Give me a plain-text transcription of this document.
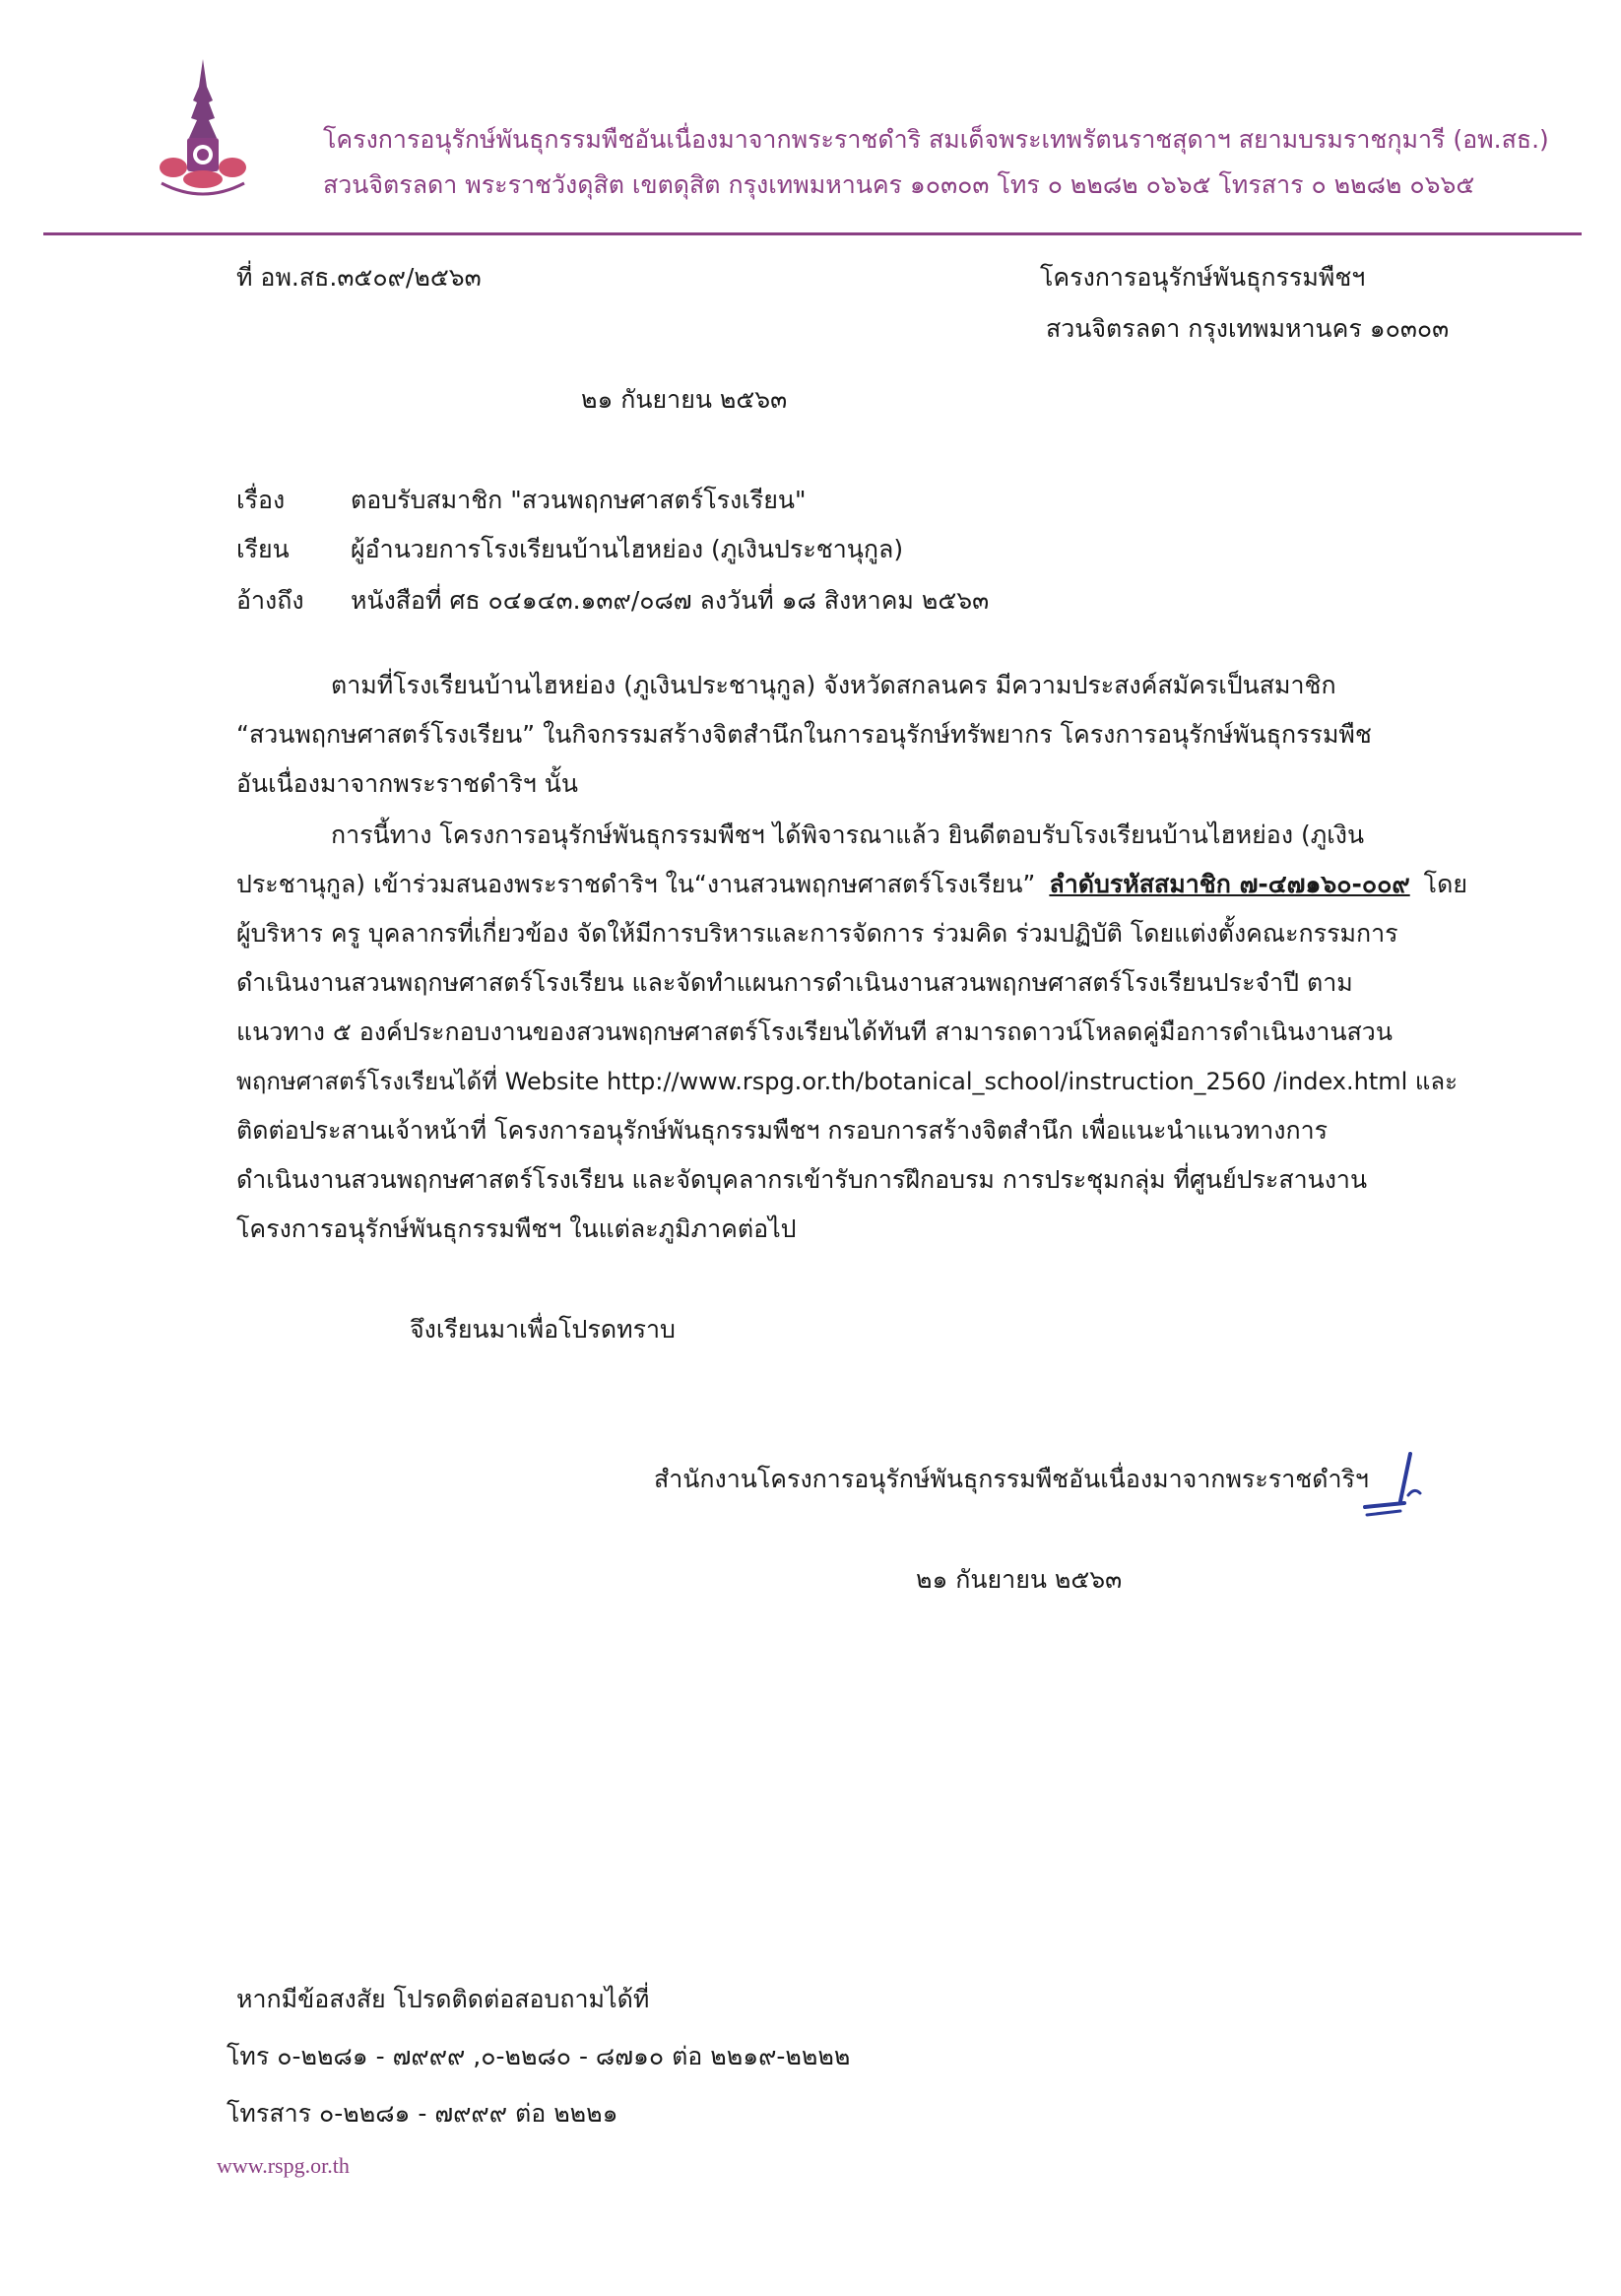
โครงการอนุรักษ์พันธุกรรมพืชอันเนื่องมาจากพระราชดำริ สมเด็จพระเทพรัตนราชสุดาฯ สยามบรมราชกุมารี (อพ.สธ.)
สวนจิตรลดา พระราชวังดุสิต เขตดุสิต กรุงเทพมหานคร ๑๐๓๐๓ โทร ๐ ๒๒๘๒ ๐๖๖๕ โทรสาร ๐ ๒๒๘๒ ๐๖๖๕
ที่ อพ.สธ.๓๕๐๙/๒๕๖๓	โครงการอนุรักษ์พันธุกรรมพืชฯ
สวนจิตรลดา กรุงเทพมหานคร ๑๐๓๐๓
๒๑ กันยายน ๒๕๖๓
เรื่อง	ตอบรับสมาชิก "สวนพฤกษศาสตร์โรงเรียน"
เรียน ผู้อำนวยการโรงเรียนบ้านไฮหย่อง (ภูเงินประชานุกูล)
อ้างถึง หนังสือที่ ศธ ๐๔๑๔๓.๑๓๙/๐๘๗ ลงวันที่ ๑๘ สิงหาคม ๒๕๖๓
ตามที่โรงเรียนบ้านไฮหย่อง (ภูเงินประชานุกูล) จังหวัดสกลนคร มีความประสงค์สมัครเป็นสมาชิก
“สวนพฤกษศาสตร์โรงเรียน” ในกิจกรรมสร้างจิตสำนึกในการอนุรักษ์ทรัพยากร โครงการอนุรักษ์พันธุกรรมพืช
อันเนื่องมาจากพระราชดำริฯ นั้น
การนี้ทาง โครงการอนุรักษ์พันธุกรรมพืชฯ ได้พิจารณาแล้ว ยินดีตอบรับโรงเรียนบ้านไฮหย่อง (ภูเงิน
ประชานุกูล) เข้าร่วมสนองพระราชดำริฯ ใน“งานสวนพฤกษศาสตร์โรงเรียน” ลำดับรหัสสมาชิก ๗-๔๗๑๖๐-๐๐๙ โดย
ผู้บริหาร ครู บุคลากรที่เกี่ยวข้อง จัดให้มีการบริหารและการจัดการ ร่วมคิด ร่วมปฏิบัติ โดยแต่งตั้งคณะกรรมการ
ดำเนินงานสวนพฤกษศาสตร์โรงเรียน และจัดทำแผนการดำเนินงานสวนพฤกษศาสตร์โรงเรียนประจำปี ตาม
แนวทาง ๕ องค์ประกอบงานของสวนพฤกษศาสตร์โรงเรียนได้ทันที สามารถดาวน์โหลดคู่มือการดำเนินงานสวน
พฤกษศาสตร์โรงเรียนได้ที่ Website http://www.rspg.or.th/botanical_school/instruction_2560 /index.html และ
ติดต่อประสานเจ้าหน้าที่ โครงการอนุรักษ์พันธุกรรมพืชฯ กรอบการสร้างจิตสำนึก เพื่อแนะนำแนวทางการ
ดำเนินงานสวนพฤกษศาสตร์โรงเรียน และจัดบุคลากรเข้ารับการฝึกอบรม การประชุมกลุ่ม ที่ศูนย์ประสานงาน
โครงการอนุรักษ์พันธุกรรมพืชฯ ในแต่ละภูมิภาคต่อไป
จึงเรียนมาเพื่อโปรดทราบ
สำนักงานโครงการอนุรักษ์พันธุกรรมพืชอันเนื่องมาจากพระราชดำริฯ
๒๑ กันยายน ๒๕๖๓
หากมีข้อสงสัย โปรดติดต่อสอบถามได้ที่
โทร ๐-๒๒๘๑ - ๗๙๙๙ ,๐-๒๒๘๐ - ๘๗๑๐ ต่อ ๒๒๑๙-๒๒๒๒
โทรสาร ๐-๒๒๘๑ - ๗๙๙๙ ต่อ ๒๒๒๑
www.rspg.or.th
